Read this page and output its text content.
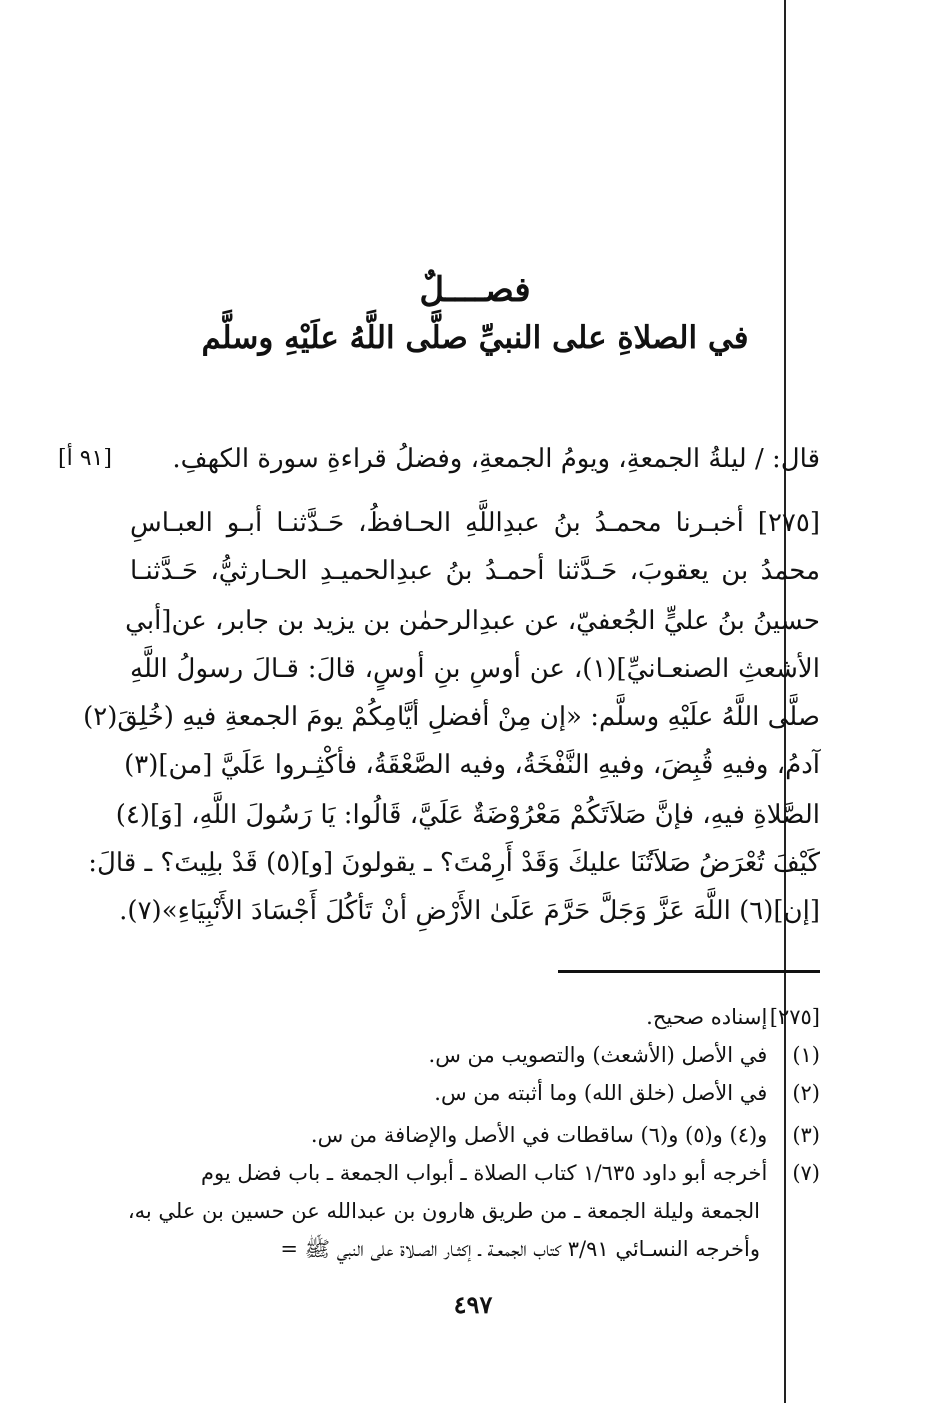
فصــــلٌ
في الصلاةِ على النبيِّ صلَّى اللَّهُ علَيْهِ وسلَّم
[٩١ أ]	قال: / ليلةُ الجمعةِ، ويومُ الجمعةِ، وفضلُ قراءةِ سورة الكهفِ.
[٢٧٥] أخبـرنا محمـدُ بنُ عبدِاللَّهِ الحـافظُ، حَـدَّثنـا أبـو العبـاسِ
محمدُ بن يعقوبَ، حَـدَّثنا أحمـدُ بنُ عبدِالحميـدِ الحـارثيُّ، حَـدَّثنـا
حسينُ بنُ عليٍّ الجُعفيّ، عن عبدِالرحمٰن بن يزيد بن جابر، عن[أبي
الأشعثِ الصنعـانيِّ](١)، عن أوسِ بنِ أوسٍ، قالَ: قـالَ رسولُ اللَّهِ
صلَّى اللَّهُ علَيْهِ وسلَّم: «إن مِنْ أفضلِ أيَّامِكُمْ يومَ الجمعةِ فيهِ (خُلِقَ(٢)
آدمُ، وفيهِ قُبِضَ، وفيهِ النَّفْخَةُ، وفيه الصَّعْقَةُ، فأكْثِـروا عَلَيَّ [من](٣)
الصَّلاةِ فيهِ، فإنَّ صَلاَتَكُمْ مَعْرُوْضَةٌ عَلَيَّ، قَالُوا: يَا رَسُولَ اللَّهِ، [وَ](٤)
كَيْفَ تُعْرَضُ صَلاَتُنَا عليكَ وَقَدْ أَرِمْتَ؟ ـ يقولونَ [و](٥) قَدْ بلِيتَ؟ ـ قالَ:
[إن](٦) اللَّهَ عَزَّ وَجَلَّ حَرَّمَ عَلَىٰ الأَرْضِ أنْ تَأكُلَ أَجْسَادَ الأَنْبِيَاءِ»(٧).
[٢٧٥] إسناده صحيح.
(١) في الأصل (الأشعث) والتصويب من س.
(٢) في الأصل (خلق الله) وما أثبته من س.
(٣) و(٤) و(٥) و(٦) ساقطات في الأصل والإضافة من س.
(٧) أخرجه أبو داود ١/٦٣٥ كتاب الصلاة ـ أبواب الجمعة ـ باب فضل يوم
الجمعة وليلة الجمعة ـ من طريق هارون بن عبدالله عن حسين بن علي به،
وأخرجه النسـائي ٣/٩١ كتاب الجمعـة ـ إكثـار الصـلاة على النبي ﷺ =
٤٩٧
